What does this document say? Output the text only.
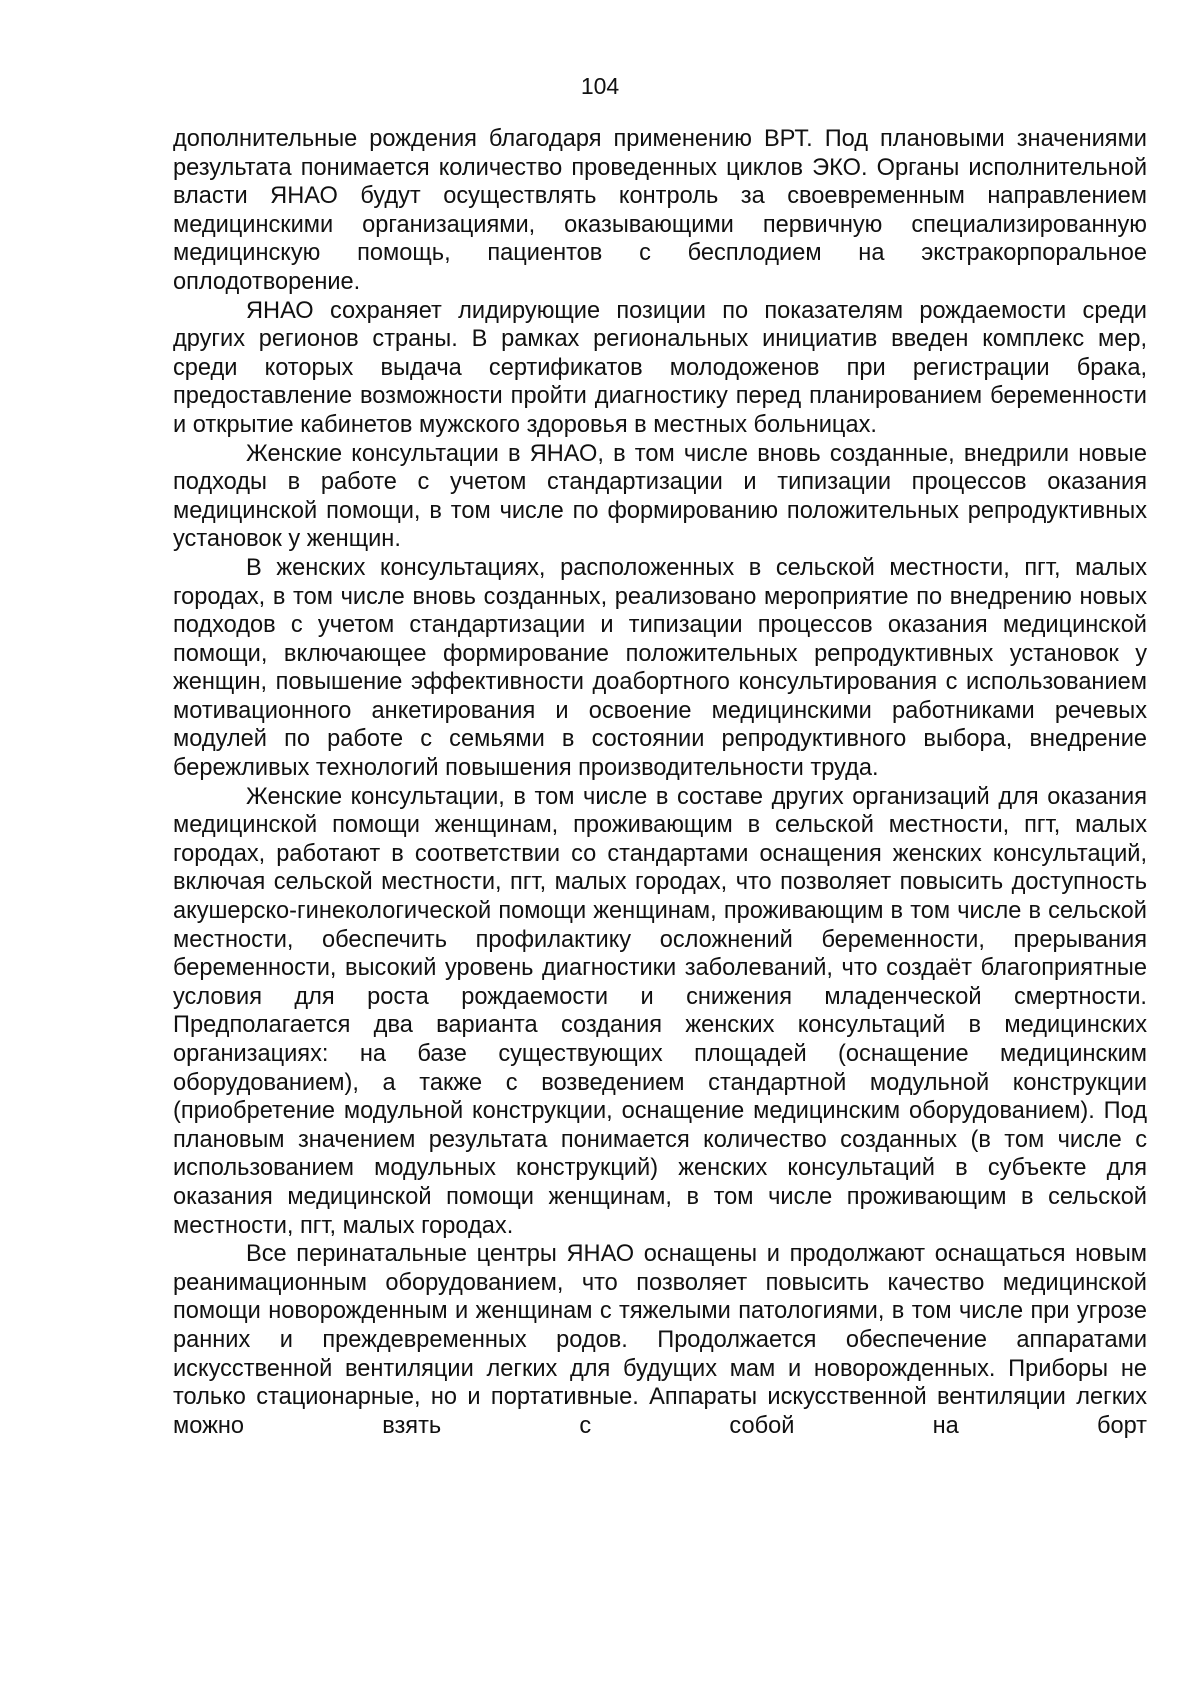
104

дополнительные рождения благодаря применению ВРТ. Под плановыми значениями результата понимается количество проведенных циклов ЭКО. Органы исполнительной власти ЯНАО будут осуществлять контроль за своевременным направлением медицинскими организациями, оказывающими первичную специализированную медицинскую помощь, пациентов с бесплодием на экстракорпоральное оплодотворение.

ЯНАО сохраняет лидирующие позиции по показателям рождаемости среди других регионов страны. В рамках региональных инициатив введен комплекс мер, среди которых выдача сертификатов молодоженов при регистрации брака, предоставление возможности пройти диагностику перед планированием беременности и открытие кабинетов мужского здоровья в местных больницах.

Женские консультации в ЯНАО, в том числе вновь созданные, внедрили новые подходы в работе с учетом стандартизации и типизации процессов оказания медицинской помощи, в том числе по формированию положительных репродуктивных установок у женщин.

В женских консультациях, расположенных в сельской местности, пгт, малых городах, в том числе вновь созданных, реализовано мероприятие по внедрению новых подходов с учетом стандартизации и типизации процессов оказания медицинской помощи, включающее формирование положительных репродуктивных установок у женщин, повышение эффективности доабортного консультирования с использованием мотивационного анкетирования и освоение медицинскими работниками речевых модулей по работе с семьями в состоянии репродуктивного выбора, внедрение бережливых технологий повышения производительности труда.

Женские консультации, в том числе в составе других организаций для оказания медицинской помощи женщинам, проживающим в сельской местности, пгт, малых городах, работают в соответствии со стандартами оснащения женских консультаций, включая сельской местности, пгт, малых городах, что позволяет повысить доступность акушерско-гинекологической помощи женщинам, проживающим в том числе в сельской местности, обеспечить профилактику осложнений беременности, прерывания беременности, высокий уровень диагностики заболеваний, что создаёт благоприятные условия для роста рождаемости и снижения младенческой смертности. Предполагается два варианта создания женских консультаций в медицинских организациях: на базе существующих площадей (оснащение медицинским оборудованием), а также с возведением стандартной модульной конструкции (приобретение модульной конструкции, оснащение медицинским оборудованием). Под плановым значением результата понимается количество созданных (в том числе с использованием модульных конструкций) женских консультаций в субъекте для оказания медицинской помощи женщинам, в том числе проживающим в сельской местности, пгт, малых городах.

Все перинатальные центры ЯНАО оснащены и продолжают оснащаться новым реанимационным оборудованием, что позволяет повысить качество медицинской помощи новорожденным и женщинам с тяжелыми патологиями, в том числе при угрозе ранних и преждевременных родов. Продолжается обеспечение аппаратами искусственной вентиляции легких для будущих мам и новорожденных. Приборы не только стационарные, но и портативные. Аппараты искусственной вентиляции легких можно взять с собой на борт
